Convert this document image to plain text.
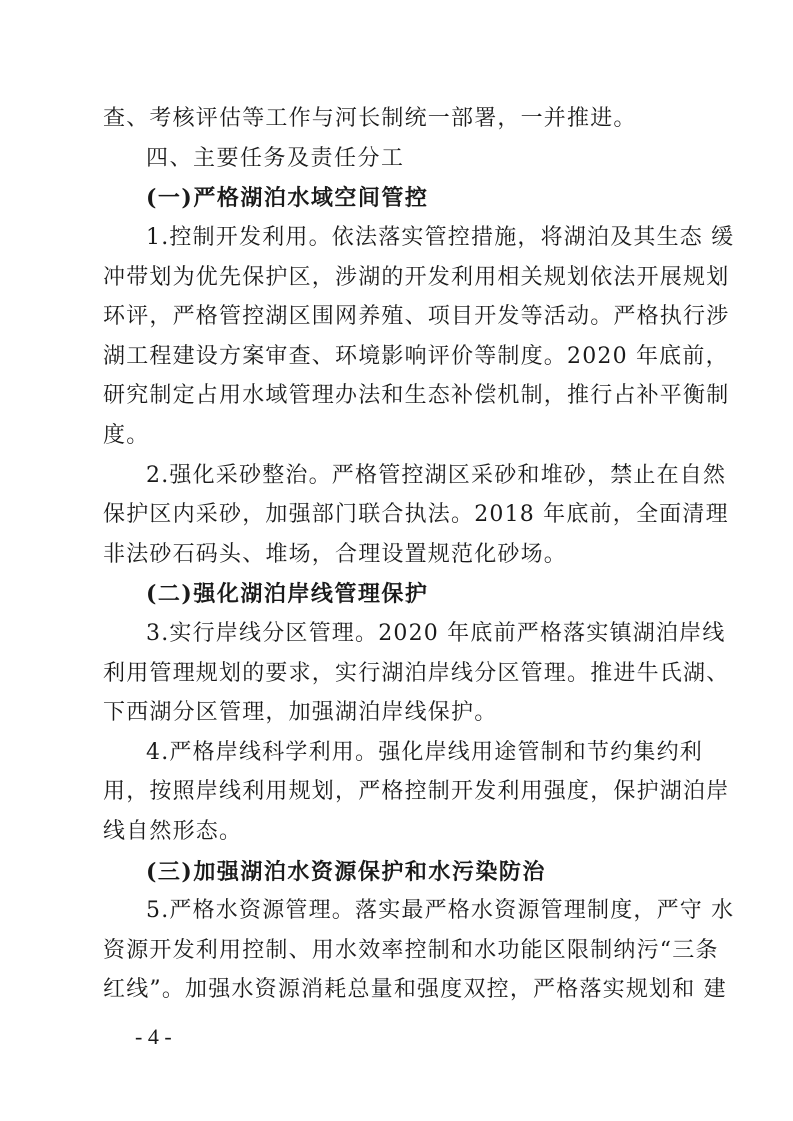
查、考核评估等工作与河长制统一部署，一并推进。
四、主要任务及责任分工
(一)严格湖泊水域空间管控
1.控制开发利用。依法落实管控措施，将湖泊及其生态 缓
冲带划为优先保护区，涉湖的开发利用相关规划依法开展规划
环评，严格管控湖区围网养殖、项目开发等活动。严格执行涉
湖工程建设方案审查、环境影响评价等制度。2020 年底前，
研究制定占用水域管理办法和生态补偿机制，推行占补平衡制
度。
2.强化采砂整治。严格管控湖区采砂和堆砂，禁止在自然
保护区内采砂，加强部门联合执法。2018 年底前，全面清理
非法砂石码头、堆场，合理设置规范化砂场。
(二)强化湖泊岸线管理保护
3.实行岸线分区管理。2020 年底前严格落实镇湖泊岸线
利用管理规划的要求，实行湖泊岸线分区管理。推进牛氏湖、
下西湖分区管理，加强湖泊岸线保护。
4.严格岸线科学利用。强化岸线用途管制和节约集约利
用，按照岸线利用规划，严格控制开发利用强度，保护湖泊岸
线自然形态。
(三)加强湖泊水资源保护和水污染防治
5.严格水资源管理。落实最严格水资源管理制度，严守 水
资源开发利用控制、用水效率控制和水功能区限制纳污“三条
红线”。加强水资源消耗总量和强度双控，严格落实规划和 建
- 4 -
